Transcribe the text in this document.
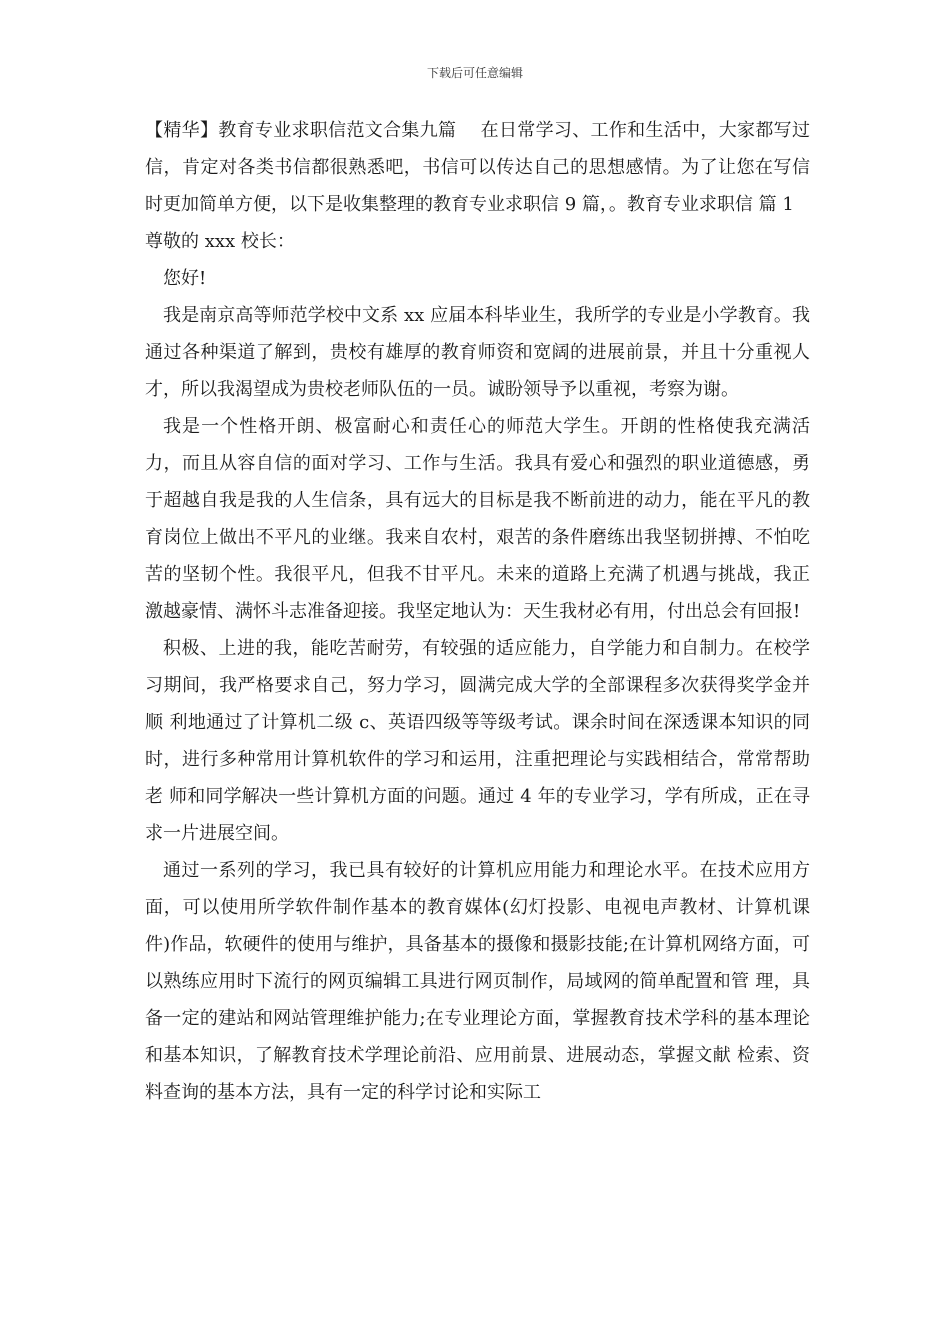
下载后可任意编辑

【精华】教育专业求职信范文合集九篇　 在日常学习、工作和生活中，大家都写过信，肯定对各类书信都很熟悉吧，书信可以传达自己的思想感情。为了让您在写信时更加简单方便，以下是收集整理的教育专业求职信 9 篇，。教育专业求职信 篇 1

尊敬的 xxx 校长：

您好!

我是南京高等师范学校中文系 xx 应届本科毕业生，我所学的专业是小学教育。我通过各种渠道了解到，贵校有雄厚的教育师资和宽阔的进展前景，并且十分重视人才，所以我渴望成为贵校老师队伍的一员。诚盼领导予以重视，考察为谢。

我是一个性格开朗、极富耐心和责任心的师范大学生。开朗的性格使我充满活力，而且从容自信的面对学习、工作与生活。我具有爱心和强烈的职业道德感，勇于超越自我是我的人生信条，具有远大的目标是我不断前进的动力，能在平凡的教育岗位上做出不平凡的业继。我来自农村，艰苦的条件磨练出我坚韧拼搏、不怕吃苦的坚韧个性。我很平凡，但我不甘平凡。未来的道路上充满了机遇与挑战，我正激越豪情、满怀斗志准备迎接。我坚定地认为：天生我材必有用，付出总会有回报!

积极、上进的我，能吃苦耐劳，有较强的适应能力，自学能力和自制力。在校学习期间，我严格要求自己，努力学习，圆满完成大学的全部课程多次获得奖学金并顺 利地通过了计算机二级 c、英语四级等等级考试。课余时间在深透课本知识的同时，进行多种常用计算机软件的学习和运用，注重把理论与实践相结合，常常帮助老 师和同学解决一些计算机方面的问题。通过 4 年的专业学习，学有所成，正在寻求一片进展空间。

通过一系列的学习，我已具有较好的计算机应用能力和理论水平。在技术应用方面，可以使用所学软件制作基本的教育媒体(幻灯投影、电视电声教材、计算机课 件)作品，软硬件的使用与维护，具备基本的摄像和摄影技能;在计算机网络方面，可以熟练应用时下流行的网页编辑工具进行网页制作，局域网的简单配置和管 理，具备一定的建站和网站管理维护能力;在专业理论方面，掌握教育技术学科的基本理论和基本知识，了解教育技术学理论前沿、应用前景、进展动态，掌握文献 检索、资料查询的基本方法，具有一定的科学讨论和实际工
